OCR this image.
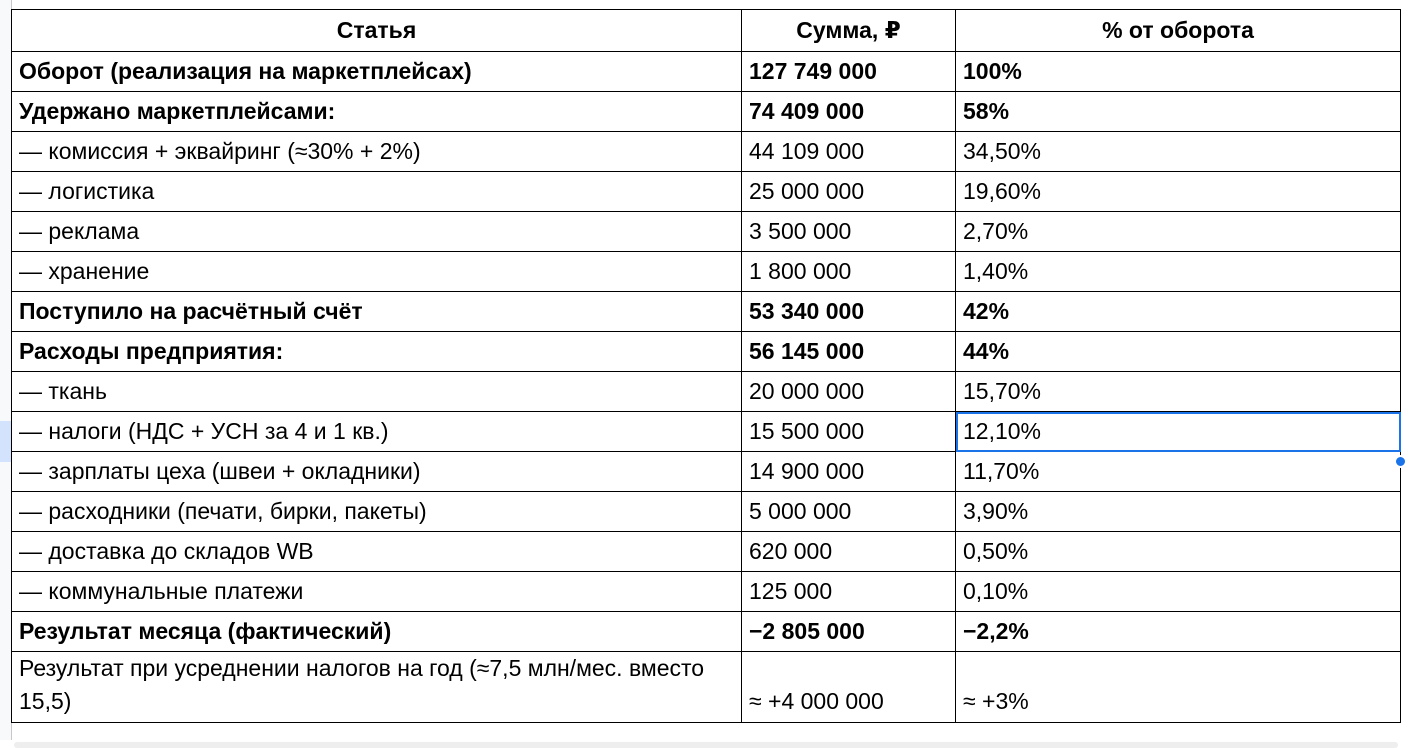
Статья	Сумма, ₽	% от оборота
Оборот (реализация на маркетплейсах)	127 749 000	100%
Удержано маркетплейсами:	74 409 000	58%
— комиссия + эквайринг (≈30% + 2%)	44 109 000	34,50%
— логистика	25 000 000	19,60%
— реклама	3 500 000	2,70%
— хранение	1 800 000	1,40%
Поступило на расчётный счёт	53 340 000	42%
Расходы предприятия:	56 145 000	44%
— ткань	20 000 000	15,70%
— налоги (НДС + УСН за 4 и 1 кв.)	15 500 000	12,10%
— зарплаты цеха (швеи + окладники)	14 900 000	11,70%
— расходники (печати, бирки, пакеты)	5 000 000	3,90%
— доставка до складов WB	620 000	0,50%
— коммунальные платежи	125 000	0,10%
Результат месяца (фактический)	−2 805 000	−2,2%
Результат при усреднении налогов на год (≈7,5 млн/мес. вместо 15,5)	≈ +4 000 000	≈ +3%
